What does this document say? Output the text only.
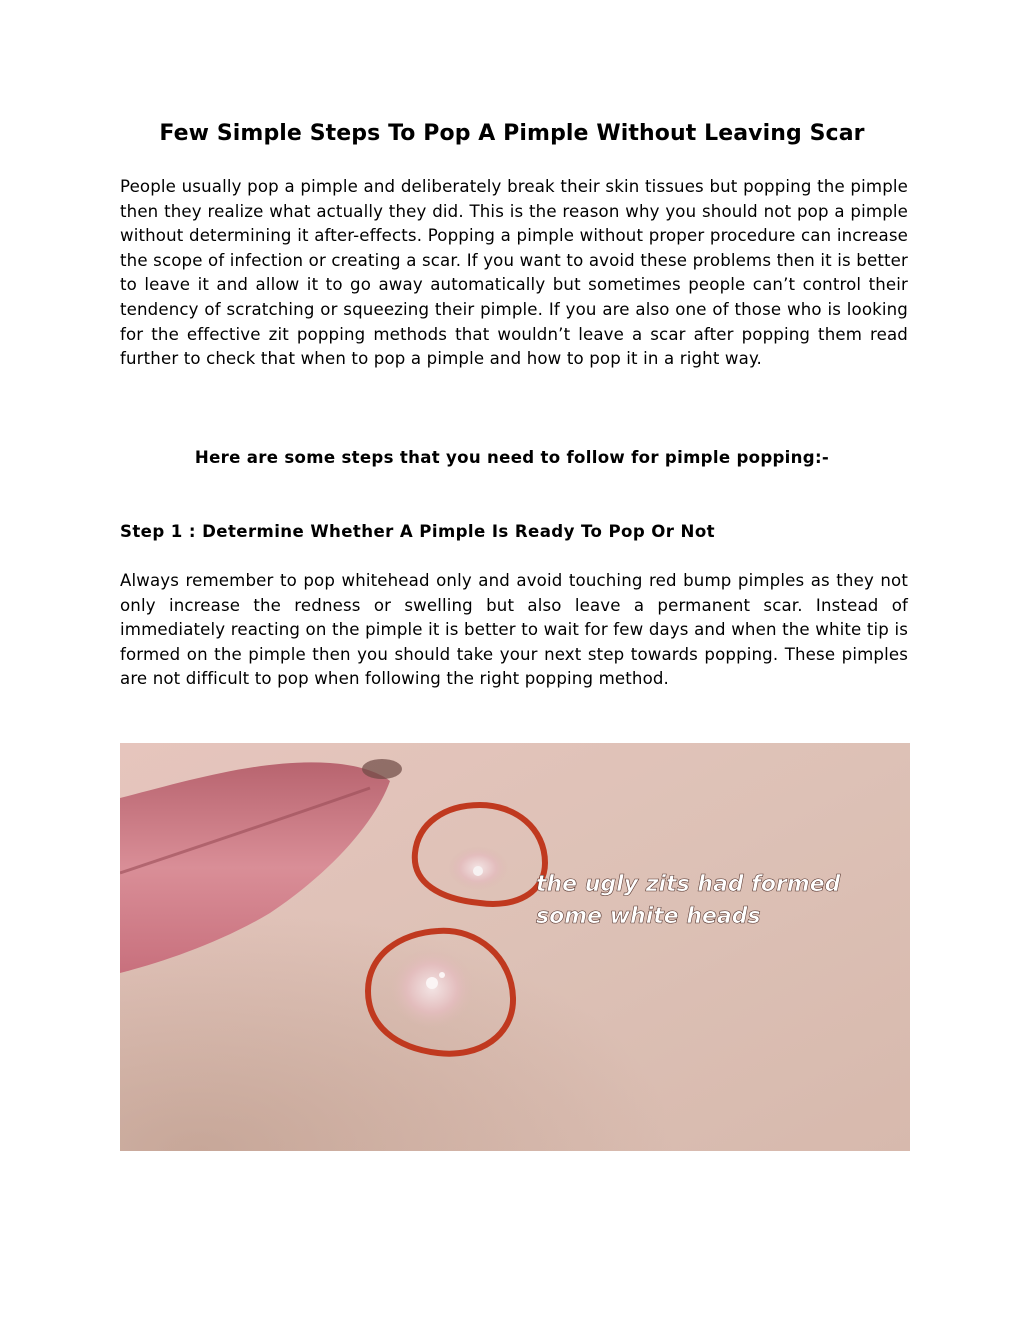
Few Simple Steps To Pop A Pimple Without Leaving Scar

People usually pop a pimple and deliberately break their skin tissues but popping the pimple then they realize what actually they did. This is the reason why you should not pop a pimple without determining it after-effects. Popping a pimple without proper procedure can increase the scope of infection or creating a scar. If you want to avoid these problems then it is better to leave it and allow it to go away automatically but sometimes people can’t control their tendency of scratching or squeezing their pimple. If you are also one of those who is looking for the effective zit popping methods that wouldn’t leave a scar after popping them read further to check that when to pop a pimple and how to pop it in a right way.

Here are some steps that you need to follow for pimple popping:-
Step 1 : Determine Whether A Pimple Is Ready To Pop Or Not

Always remember to pop whitehead only and avoid touching red bump pimples as they not only increase the redness or swelling but also leave a permanent scar. Instead of immediately reacting on the pimple it is better to wait for few days and when the white tip is formed on the pimple then you should take your next step towards popping. These pimples are not difficult to pop when following the right popping method.

the ugly zits had formed
some white heads
